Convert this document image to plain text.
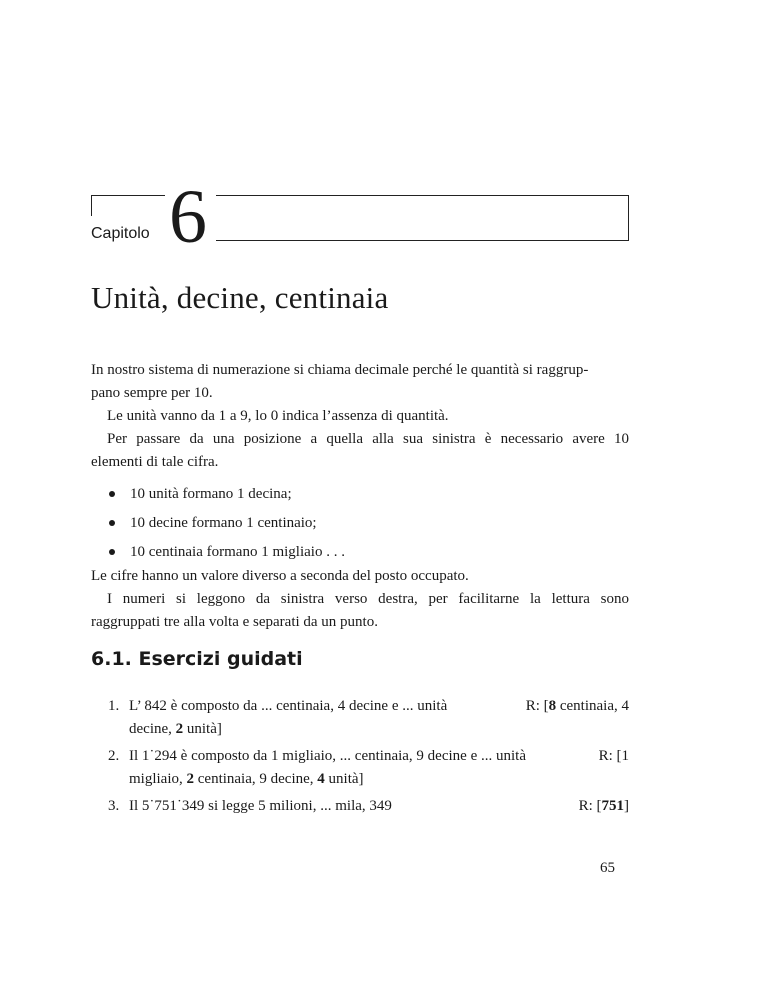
Capitolo 6
Unità, decine, centinaia
In nostro sistema di numerazione si chiama decimale perché le quantità si raggrup-
pano sempre per 10.
Le unità vanno da 1 a 9, lo 0 indica l’assenza di quantità.
Per passare da una posizione a quella alla sua sinistra è necessario avere 10
elementi di tale cifra.
10 unità formano 1 decina;
10 decine formano 1 centinaio;
10 centinaia formano 1 migliaio . . .
Le cifre hanno un valore diverso a seconda del posto occupato.
I numeri si leggono da sinistra verso destra, per facilitarne la lettura sono
raggruppati tre alla volta e separati da un punto.
6.1. Esercizi guidati
1. L’ 842 è composto da ... centinaia, 4 decine e ... unità	R: [8 centinaia, 4
decine, 2 unità]
2. Il 1˙294 è composto da 1 migliaio, ... centinaia, 9 decine e ... unità	R: [1
migliaio, 2 centinaia, 9 decine, 4 unità]
3. Il 5˙751˙349 si legge 5 milioni, ... mila, 349	R: [751]
65
